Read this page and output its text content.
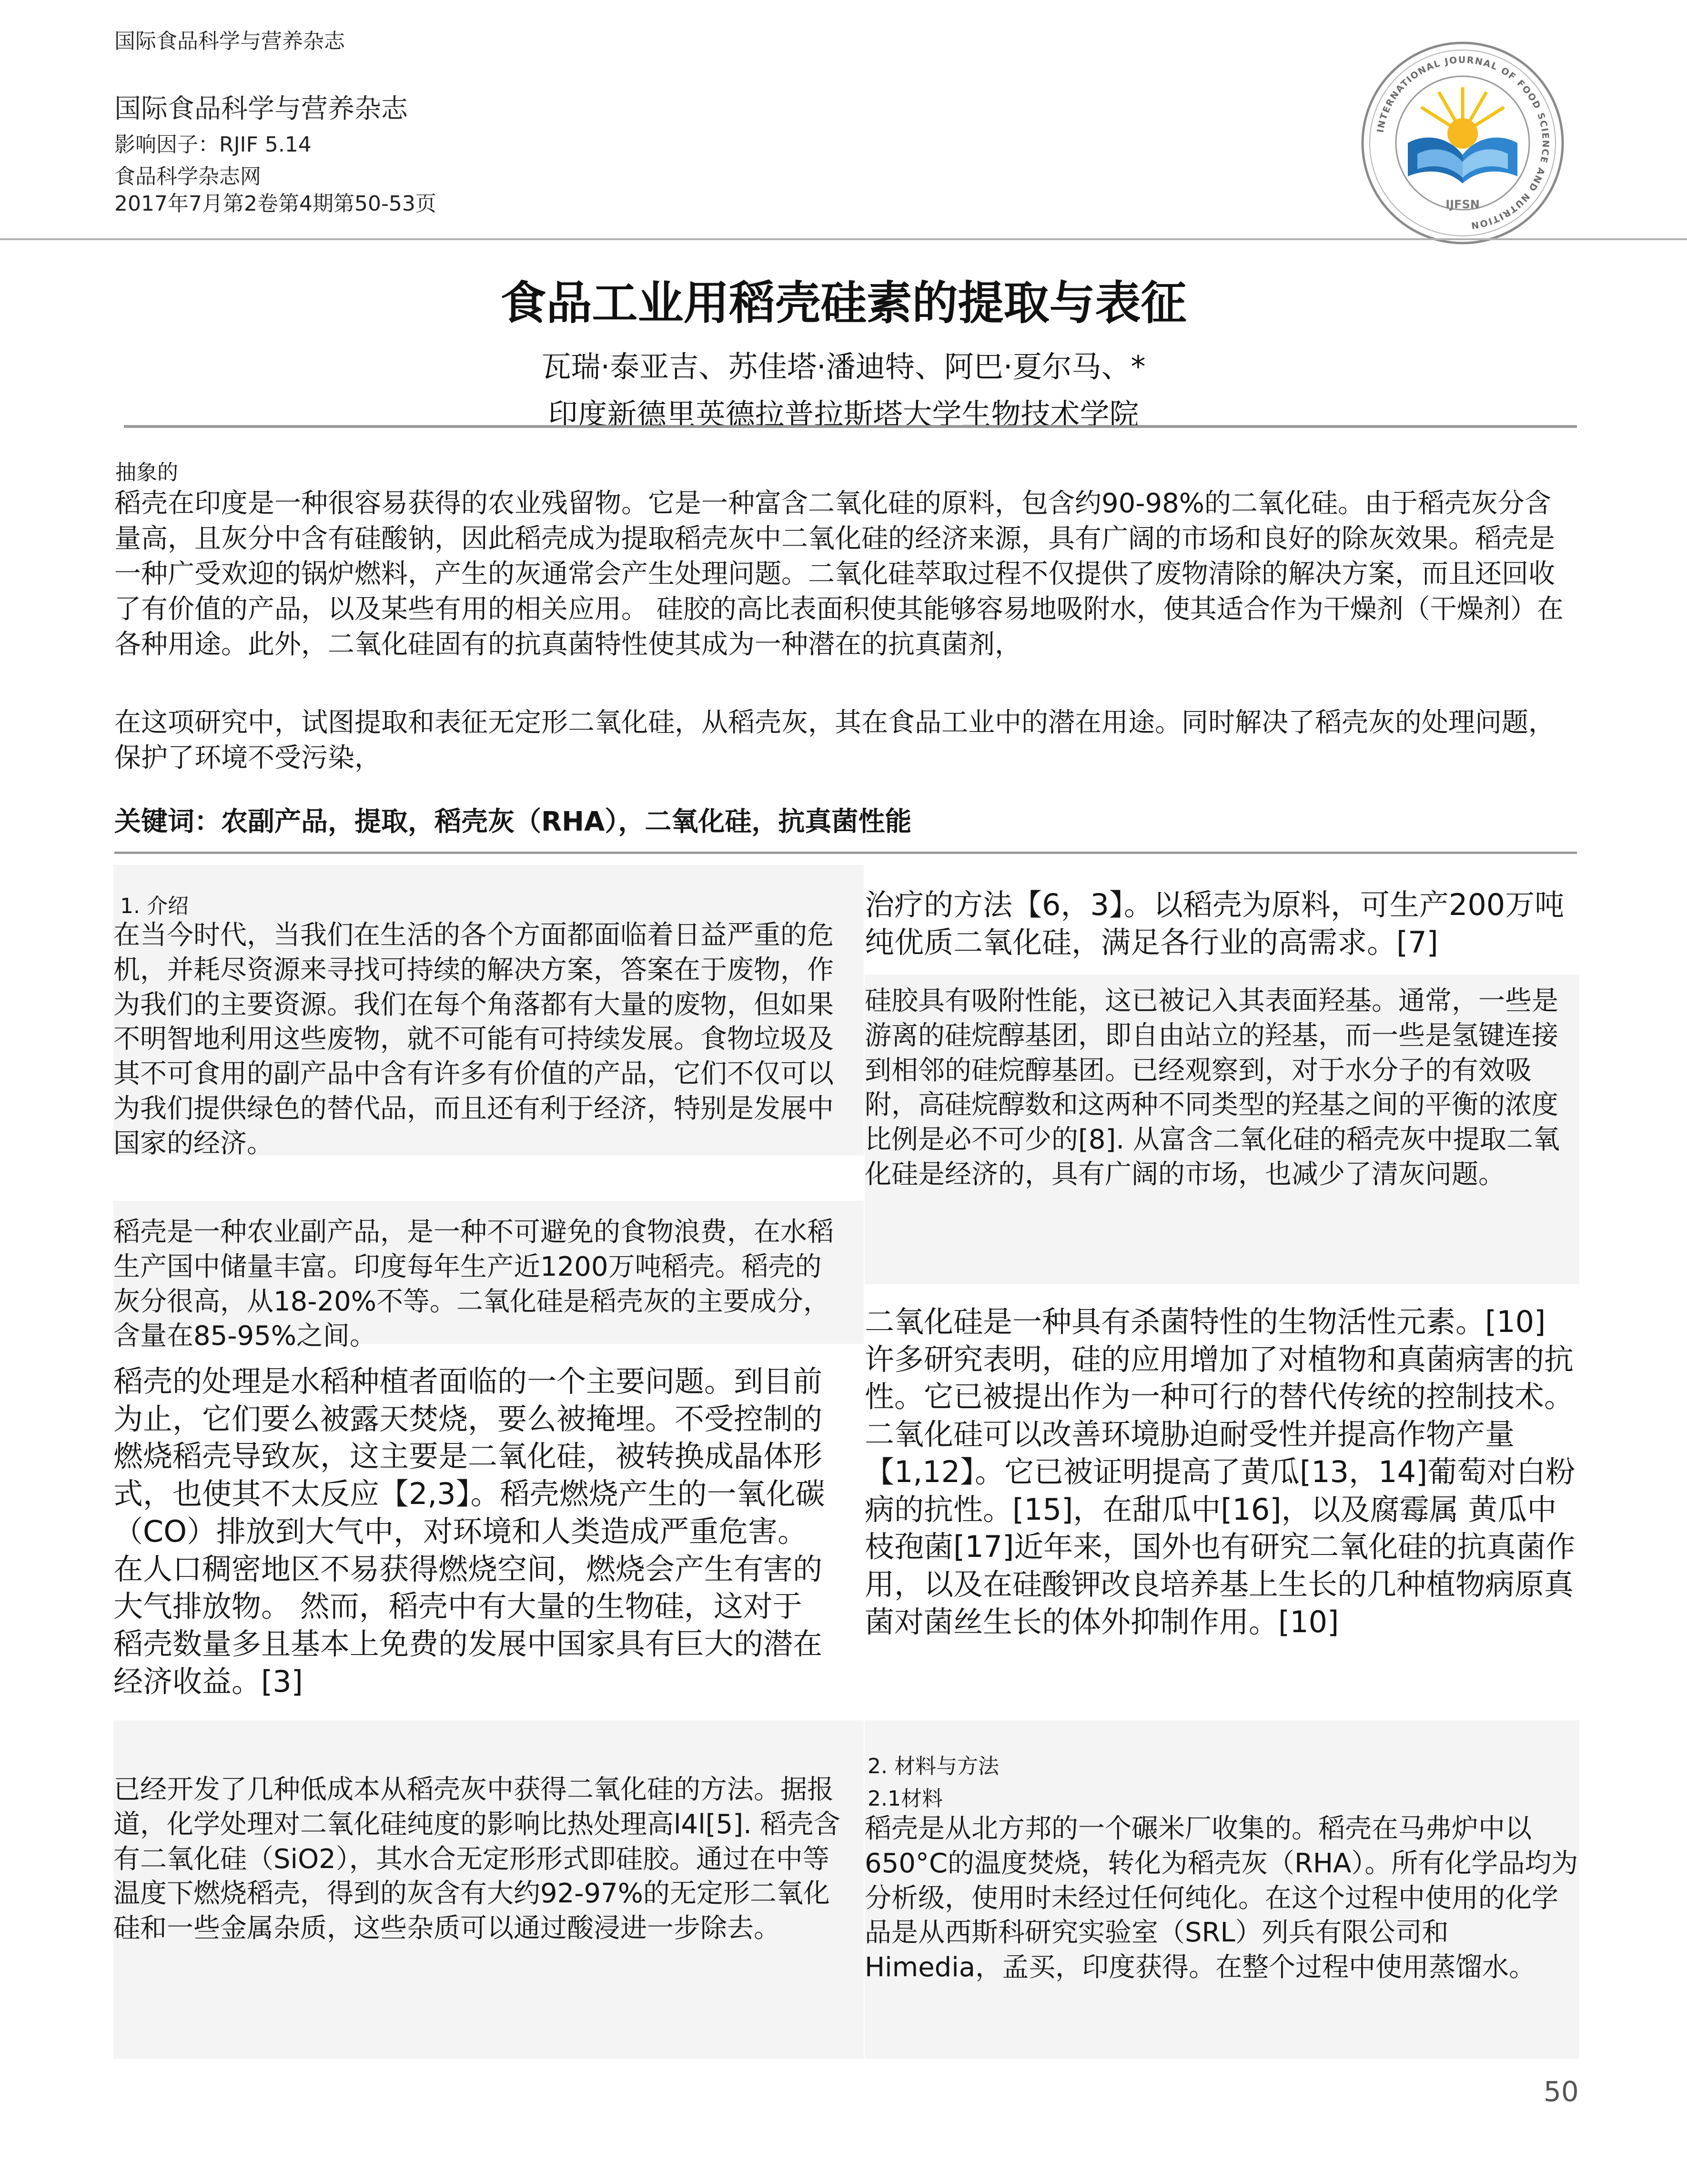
国际食品科学与营养杂志
国际食品科学与营养杂志
影响因子：RJIF 5.14
食品科学杂志网
2017年7月第2卷第4期第50-53页
INTERNATIONAL JOURNAL OF FOOD SCIENCE AND NUTRITION
IJFSN
食品工业用稻壳硅素的提取与表征
瓦瑞·泰亚吉、苏佳塔·潘迪特、阿巴·夏尔马、*
印度新德里英德拉普拉斯塔大学生物技术学院
抽象的
稻壳在印度是一种很容易获得的农业残留物。它是一种富含二氧化硅的原料，包含约90-98%的二氧化硅。由于稻壳灰分含量高，且灰分中含有硅酸钠，因此稻壳成为提取稻壳灰中二氧化硅的经济来源，具有广阔的市场和良好的除灰效果。稻壳是一种广受欢迎的锅炉燃料，产生的灰通常会产生处理问题。二氧化硅萃取过程不仅提供了废物清除的解决方案，而且还回收了有价值的产品，以及某些有用的相关应用。 硅胶的高比表面积使其能够容易地吸附水，使其适合作为干燥剂（干燥剂）在各种用途。此外，二氧化硅固有的抗真菌特性使其成为一种潜在的抗真菌剂，
在这项研究中，试图提取和表征无定形二氧化硅，从稻壳灰，其在食品工业中的潜在用途。同时解决了稻壳灰的处理问题，保护了环境不受污染，
关键词：农副产品，提取，稻壳灰（RHA），二氧化硅，抗真菌性能
1. 介绍
在当今时代，当我们在生活的各个方面都面临着日益严重的危机，并耗尽资源来寻找可持续的解决方案，答案在于废物，作为我们的主要资源。我们在每个角落都有大量的废物，但如果不明智地利用这些废物，就不可能有可持续发展。食物垃圾及其不可食用的副产品中含有许多有价值的产品，它们不仅可以为我们提供绿色的替代品，而且还有利于经济，特别是发展中国家的经济。
稻壳是一种农业副产品，是一种不可避免的食物浪费，在水稻生产国中储量丰富。印度每年生产近1200万吨稻壳。稻壳的灰分很高，从18-20%不等。二氧化硅是稻壳灰的主要成分，含量在85-95%之间。
稻壳的处理是水稻种植者面临的一个主要问题。到目前为止，它们要么被露天焚烧，要么被掩埋。不受控制的燃烧稻壳导致灰，这主要是二氧化硅，被转换成晶体形式，也使其不太反应【2,3】。稻壳燃烧产生的一氧化碳（CO）排放到大气中，对环境和人类造成严重危害。在人口稠密地区不易获得燃烧空间，燃烧会产生有害的大气排放物。 然而，稻壳中有大量的生物硅，这对于稻壳数量多且基本上免费的发展中国家具有巨大的潜在经济收益。[3]
已经开发了几种低成本从稻壳灰中获得二氧化硅的方法。据报道，化学处理对二氧化硅纯度的影响比热处理高l4l[5]. 稻壳含有二氧化硅（SiO2），其水合无定形形式即硅胶。通过在中等温度下燃烧稻壳，得到的灰含有大约92-97%的无定形二氧化硅和一些金属杂质，这些杂质可以通过酸浸进一步除去。
治疗的方法【6，3】。以稻壳为原料，可生产200万吨纯优质二氧化硅，满足各行业的高需求。[7]
硅胶具有吸附性能，这已被记入其表面羟基。通常，一些是游离的硅烷醇基团，即自由站立的羟基，而一些是氢键连接到相邻的硅烷醇基团。已经观察到，对于水分子的有效吸附，高硅烷醇数和这两种不同类型的羟基之间的平衡的浓度比例是必不可少的[8]. 从富含二氧化硅的稻壳灰中提取二氧化硅是经济的，具有广阔的市场，也减少了清灰问题。
二氧化硅是一种具有杀菌特性的生物活性元素。[10] 许多研究表明，硅的应用增加了对植物和真菌病害的抗性。它已被提出作为一种可行的替代传统的控制技术。二氧化硅可以改善环境胁迫耐受性并提高作物产量【1,12】。它已被证明提高了黄瓜[13，14]葡萄对白粉病的抗性。[15]，在甜瓜中[16]，以及腐霉属 黄瓜中枝孢菌[17]近年来，国外也有研究二氧化硅的抗真菌作用，以及在硅酸钾改良培养基上生长的几种植物病原真菌对菌丝生长的体外抑制作用。[10]
2. 材料与方法
2.1材料
稻壳是从北方邦的一个碾米厂收集的。稻壳在马弗炉中以650°C的温度焚烧，转化为稻壳灰（RHA）。所有化学品均为分析级，使用时未经过任何纯化。在这个过程中使用的化学品是从西斯科研究实验室（SRL）列兵有限公司和Himedia，孟买，印度获得。在整个过程中使用蒸馏水。
50
